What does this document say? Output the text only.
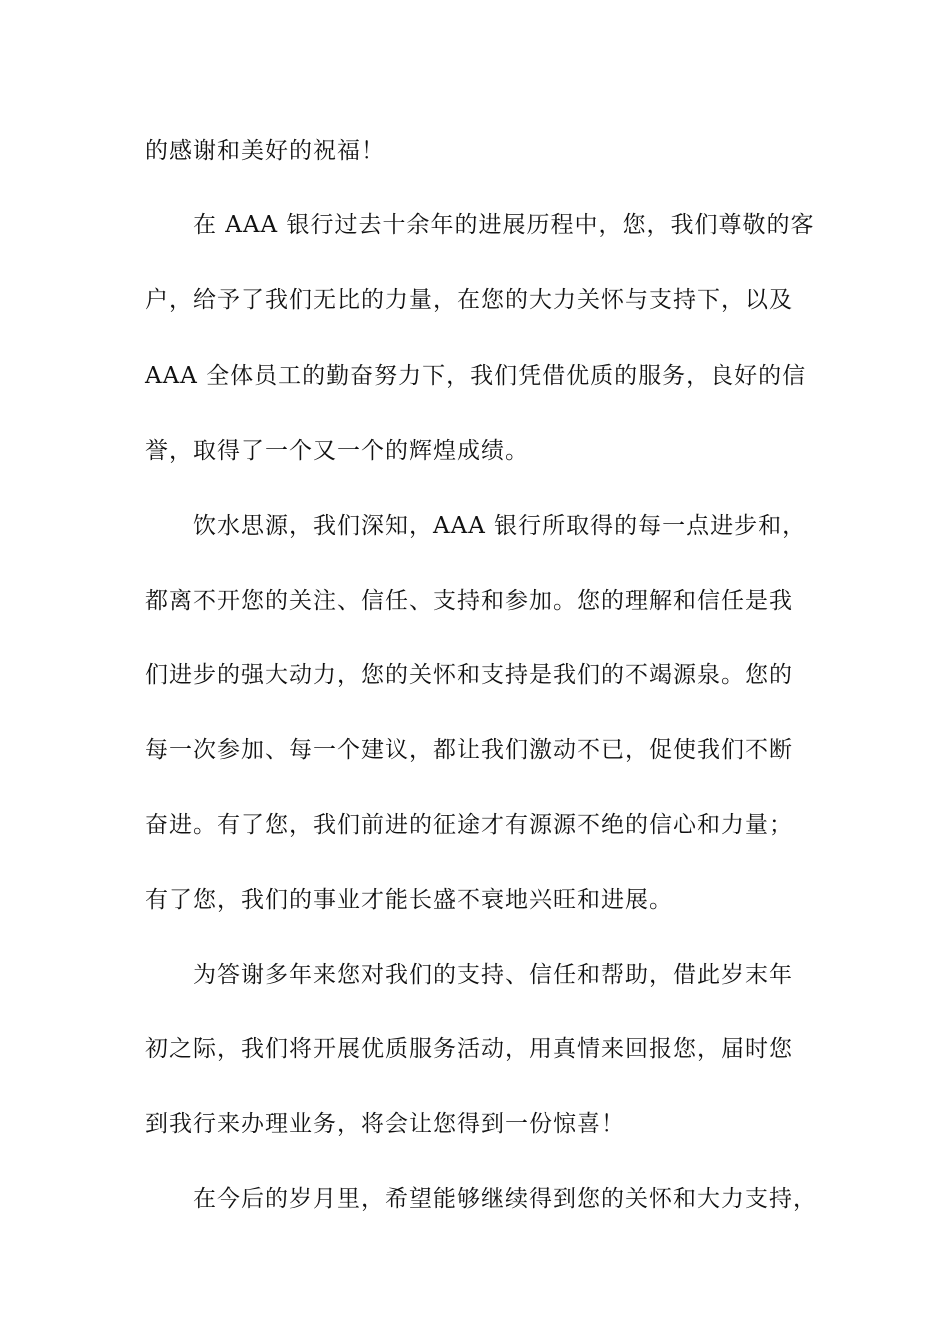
的感谢和美好的祝福！
在 AAA 银行过去十余年的进展历程中，您，我们尊敬的客
户，给予了我们无比的力量，在您的大力关怀与支持下，以及
AAA 全体员工的勤奋努力下，我们凭借优质的服务，良好的信
誉，取得了一个又一个的辉煌成绩。
饮水思源，我们深知，AAA 银行所取得的每一点进步和，
都离不开您的关注、信任、支持和参加。您的理解和信任是我
们进步的强大动力，您的关怀和支持是我们的不竭源泉。您的
每一次参加、每一个建议，都让我们激动不已，促使我们不断
奋进。有了您，我们前进的征途才有源源不绝的信心和力量；
有了您，我们的事业才能长盛不衰地兴旺和进展。
为答谢多年来您对我们的支持、信任和帮助，借此岁末年
初之际，我们将开展优质服务活动，用真情来回报您，届时您
到我行来办理业务，将会让您得到一份惊喜！
在今后的岁月里，希望能够继续得到您的关怀和大力支持，
